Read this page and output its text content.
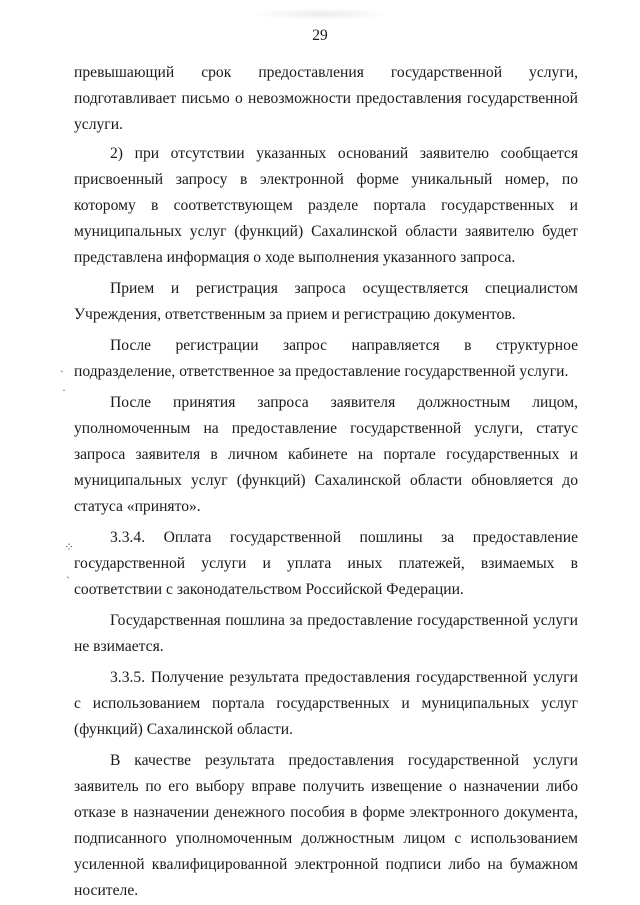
29

превышающий срок предоставления государственной услуги, подготавливает письмо о невозможности предоставления государственной услуги.

2) при отсутствии указанных оснований заявителю сообщается присвоенный запросу в электронной форме уникальный номер, по которому в соответствующем разделе портала государственных и муниципальных услуг (функций) Сахалинской области заявителю будет представлена информация о ходе выполнения указанного запроса.

Прием и регистрация запроса осуществляется специалистом Учреждения, ответственным за прием и регистрацию документов.

После регистрации запрос направляется в структурное подразделение, ответственное за предоставление государственной услуги.

После принятия запроса заявителя должностным лицом, уполномоченным на предоставление государственной услуги, статус запроса заявителя в личном кабинете на портале государственных и муниципальных услуг (функций) Сахалинской области обновляется до статуса «принято».

3.3.4. Оплата государственной пошлины за предоставление государственной услуги и уплата иных платежей, взимаемых в соответствии с законодательством Российской Федерации.

Государственная пошлина за предоставление государственной услуги не взимается.

3.3.5. Получение результата предоставления государственной услуги с использованием портала государственных и муниципальных услуг (функций) Сахалинской области.

В качестве результата предоставления государственной услуги заявитель по его выбору вправе получить извещение о назначении либо отказе в назначении денежного пособия в форме электронного документа, подписанного уполномоченным должностным лицом с использованием усиленной квалифицированной электронной подписи либо на бумажном носителе.

ˏ
·
⁘
ˎ
